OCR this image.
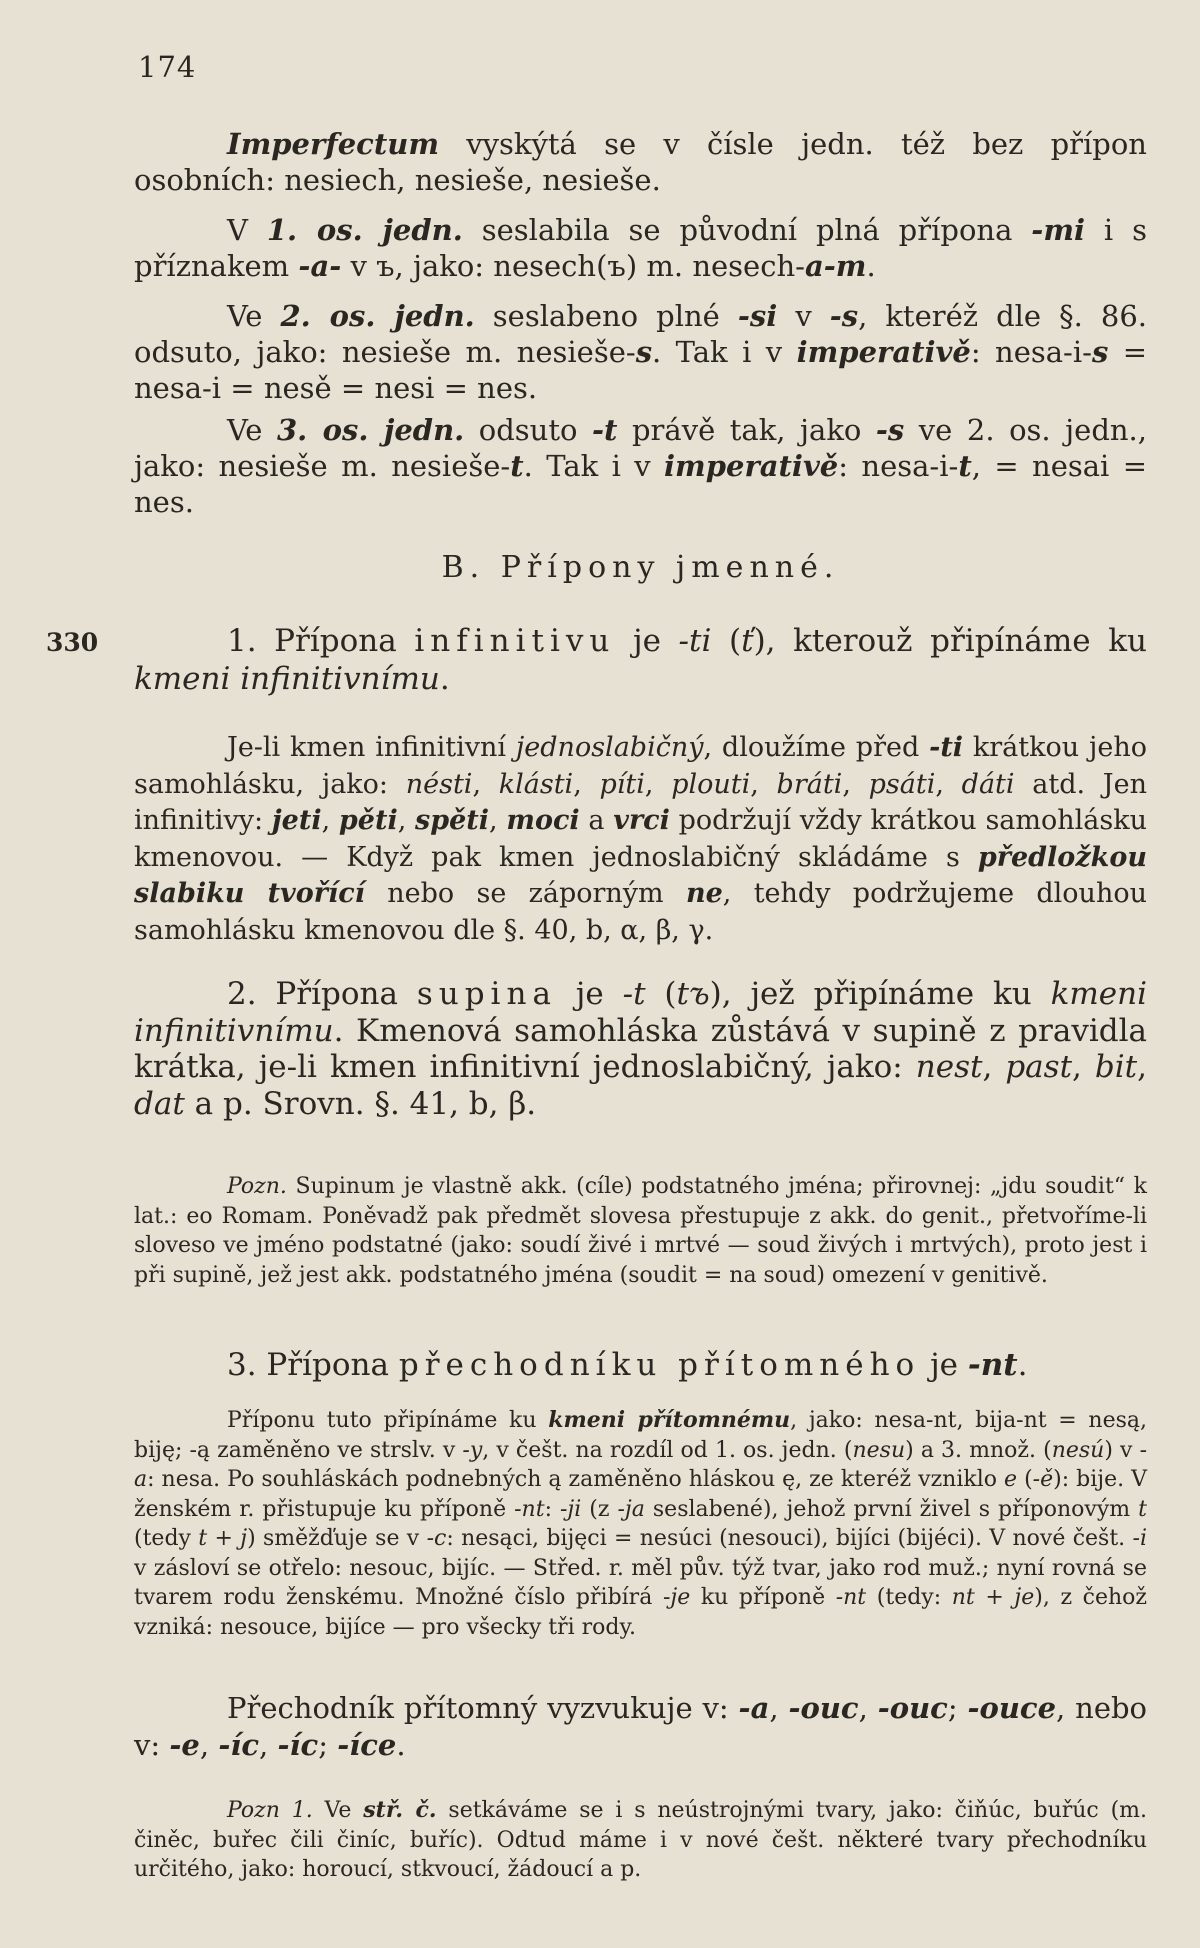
174
330

Imperfectum vyskýtá se v čísle jedn. též bez přípon osobních: nesiech, nesieše, nesieše.

V 1. os. jedn. seslabila se původní plná přípona -mi i s příznakem -a- v ъ, jako: nesech(ъ) m. nesech-a-m.

Ve 2. os. jedn. seslabeno plné -si v -s, kteréž dle §. 86. odsuto, jako: nesieše m. nesieše-s. Tak i v imperativě: nesa-i-s = nesa-i = nesě = nesi = nes.

Ve 3. os. jedn. odsuto -t právě tak, jako -s ve 2. os. jedn., jako: nesieše m. nesieše-t. Tak i v imperativě: nesa-i-t, = nesai = nes.

B. Přípony jmenné.

1. Přípona infinitivu je -ti (ť), kterouž připínáme ku kmeni infinitivnímu.

Je-li kmen infinitivní jednoslabičný, dloužíme před -ti krátkou jeho samohlásku, jako: nésti, klásti, píti, plouti, bráti, psáti, dáti atd. Jen infinitivy: jeti, pěti, spěti, moci a vrci podržují vždy krátkou samohlásku kmenovou. — Když pak kmen jednoslabičný skládáme s předložkou slabiku tvořící nebo se záporným ne, tehdy podržujeme dlouhou samohlásku kmenovou dle §. 40, b, α, β, γ.

2. Přípona supina je -t (tъ), jež připínáme ku kmeni infinitivnímu. Kmenová samohláska zůstává v supině z pravidla krátka, je-li kmen infinitivní jednoslabičný, jako: nest, past, bit, dat a p. Srovn. §. 41, b, β.

Pozn. Supinum je vlastně akk. (cíle) podstatného jména; přirovnej: „jdu soudit“ k lat.: eo Romam. Poněvadž pak předmět slovesa přestupuje z akk. do genit., přetvoříme-li sloveso ve jméno podstatné (jako: soudí živé i mrtvé — soud živých i mrtvých), proto jest i při supině, jež jest akk. podstatného jména (soudit = na soud) omezení v genitivě.

3. Přípona přechodníku přítomného je -nt.

Příponu tuto připínáme ku kmeni přítomnému, jako: nesa-nt, bija-nt = nesą, biję; -ą zaměněno ve strslv. v -y, v češt. na rozdíl od 1. os. jedn. (nesu) a 3. množ. (nesú) v -a: nesa. Po souhláskách podnebných ą zaměněno hláskou ę, ze kteréž vzniklo e (-ě): bije. V ženském r. přistupuje ku příponě -nt: -ji (z -ja seslabené), jehož první živel s příponovým t (tedy t + j) směžďuje se v -c: nesąci, bijęci = nesúci (nesouci), bijíci (bijéci). V nové češt. -i v zásloví se otřelo: nesouc, bijíc. — Střed. r. měl pův. týž tvar, jako rod muž.; nyní rovná se tvarem rodu ženskému. Množné číslo přibírá -je ku příponě -nt (tedy: nt + je), z čehož vzniká: nesouce, bijíce — pro všecky tři rody.

Přechodník přítomný vyzvukuje v: -a, -ouc, -ouc; -ouce, nebo v: -e, -íc, -íc; -íce.

Pozn 1. Ve stř. č. setkáváme se i s neústrojnými tvary, jako: čiňúc, buřúc (m. činěc, buřec čili činíc, buříc). Odtud máme i v nové češt. některé tvary přechodníku určitého, jako: horoucí, stkvoucí, žádoucí a p.
